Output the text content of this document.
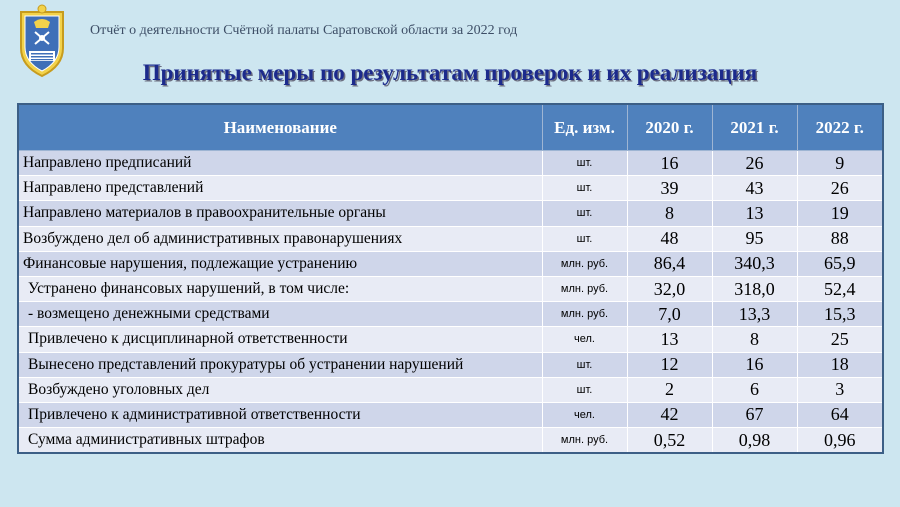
Отчёт о деятельности Счётной палаты Саратовской области за 2022 год
Принятые меры по результатам проверок и их реализация
Наименование	Ед. изм.	2020 г.	2021 г.	2022 г.
Направлено предписаний	шт.	16	26	9
Направлено представлений	шт.	39	43	26
Направлено материалов в правоохранительные органы	шт.	8	13	19
Возбуждено дел об административных правонарушениях	шт.	48	95	88
Финансовые нарушения, подлежащие устранению	млн. руб.	86,4	340,3	65,9
Устранено финансовых нарушений, в том числе:	млн. руб.	32,0	318,0	52,4
- возмещено денежными средствами	млн. руб.	7,0	13,3	15,3
Привлечено к дисциплинарной ответственности	чел.	13	8	25
Вынесено представлений прокуратуры об устранении нарушений	шт.	12	16	18
Возбуждено уголовных дел	шт.	2	6	3
Привлечено к административной ответственности	чел.	42	67	64
Сумма административных штрафов	млн. руб.	0,52	0,98	0,96
